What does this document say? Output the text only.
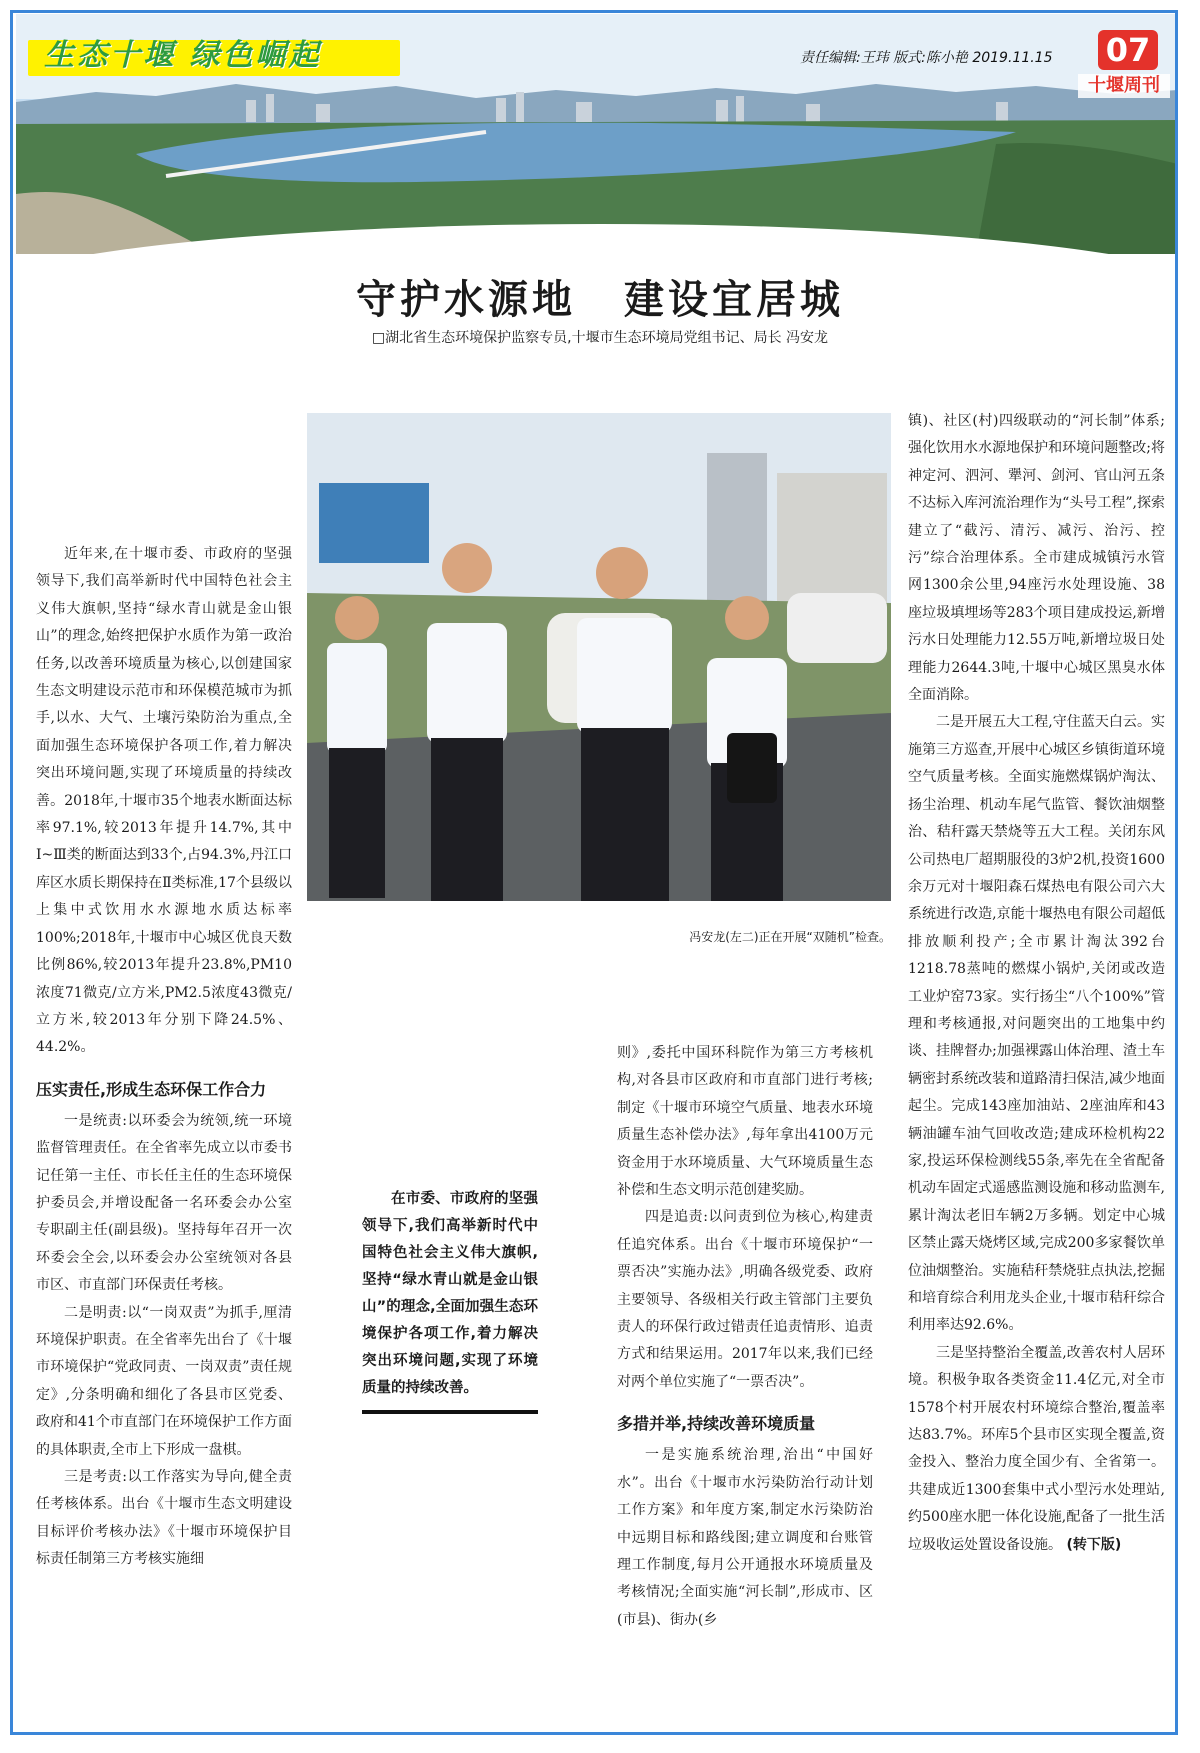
生态十堰 绿色崛起	责任编辑:王玮 版式:陈小艳 2019.11.15 07
十堰周刊
守护水源地 建设宜居城
□湖北省生态环境保护监察专员,十堰市生态环境局党组书记、局长 冯安龙

近年来,在十堰市委、市政府的坚强领导下,我们高举新时代中国特色社会主义伟大旗帜,坚持“绿水青山就是金山银山”的理念,始终把保护水质作为第一政治任务,以改善环境质量为核心,以创建国家生态文明建设示范市和环保模范城市为抓手,以水、大气、土壤污染防治为重点,全面加强生态环境保护各项工作,着力解决突出环境问题,实现了环境质量的持续改善。2018年,十堰市35个地表水断面达标率97.1%,较2013年提升14.7%,其中Ⅰ~Ⅲ类的断面达到33个,占94.3%,丹江口库区水质长期保持在Ⅱ类标准,17个县级以上集中式饮用水水源地水质达标率100%;2018年,十堰市中心城区优良天数比例86%,较2013年提升23.8%,PM10浓度71微克/立方米,PM2.5浓度43微克/立方米,较2013年分别下降24.5%、44.2%。

压实责任,形成生态环保工作合力

一是统责:以环委会为统领,统一环境监督管理责任。在全省率先成立以市委书记任第一主任、市长任主任的生态环境保护委员会,并增设配备一名环委会办公室专职副主任(副县级)。坚持每年召开一次环委会全会,以环委会办公室统领对各县市区、市直部门环保责任考核。

二是明责:以“一岗双责”为抓手,厘清环境保护职责。在全省率先出台了《十堰市环境保护“党政同责、一岗双责”责任规定》,分条明确和细化了各县市区党委、政府和41个市直部门在环境保护工作方面的具体职责,全市上下形成一盘棋。

三是考责:以工作落实为导向,健全责任考核体系。出台《十堰市生态文明建设目标评价考核办法》《十堰市环境保护目标责任制第三方考核实施细

冯安龙(左二)正在开展“双随机”检查。
在市委、市政府的坚强领导下,我们高举新时代中国特色社会主义伟大旗帜,坚持“绿水青山就是金山银山”的理念,全面加强生态环境保护各项工作,着力解决突出环境问题,实现了环境质量的持续改善。

则》,委托中国环科院作为第三方考核机构,对各县市区政府和市直部门进行考核;制定《十堰市环境空气质量、地表水环境质量生态补偿办法》,每年拿出4100万元资金用于水环境质量、大气环境质量生态补偿和生态文明示范创建奖励。

四是追责:以问责到位为核心,构建责任追究体系。出台《十堰市环境保护“一票否决”实施办法》,明确各级党委、政府主要领导、各级相关行政主管部门主要负责人的环保行政过错责任追责情形、追责方式和结果运用。2017年以来,我们已经对两个单位实施了“一票否决”。

多措并举,持续改善环境质量

一是实施系统治理,治出“中国好水”。出台《十堰市水污染防治行动计划工作方案》和年度方案,制定水污染防治中远期目标和路线图;建立调度和台账管理工作制度,每月公开通报水环境质量及考核情况;全面实施“河长制”,形成市、区(市县)、街办(乡

镇)、社区(村)四级联动的“河长制”体系;强化饮用水水源地保护和环境问题整改;将神定河、泗河、犟河、剑河、官山河五条不达标入库河流治理作为“头号工程”,探索建立了“截污、清污、减污、治污、控污”综合治理体系。全市建成城镇污水管网1300余公里,94座污水处理设施、38座垃圾填埋场等283个项目建成投运,新增污水日处理能力12.55万吨,新增垃圾日处理能力2644.3吨,十堰中心城区黑臭水体全面消除。

二是开展五大工程,守住蓝天白云。实施第三方巡查,开展中心城区乡镇街道环境空气质量考核。全面实施燃煤锅炉淘汰、扬尘治理、机动车尾气监管、餐饮油烟整治、秸秆露天禁烧等五大工程。关闭东风公司热电厂超期服役的3炉2机,投资1600余万元对十堰阳森石煤热电有限公司六大系统进行改造,京能十堰热电有限公司超低排放顺利投产;全市累计淘汰392台1218.78蒸吨的燃煤小锅炉,关闭或改造工业炉窑73家。实行扬尘“八个100%”管理和考核通报,对问题突出的工地集中约谈、挂牌督办;加强裸露山体治理、渣土车辆密封系统改装和道路清扫保洁,减少地面起尘。完成143座加油站、2座油库和43辆油罐车油气回收改造;建成环检机构22家,投运环保检测线55条,率先在全省配备机动车固定式遥感监测设施和移动监测车,累计淘汰老旧车辆2万多辆。划定中心城区禁止露天烧烤区域,完成200多家餐饮单位油烟整治。实施秸秆禁烧驻点执法,挖掘和培育综合利用龙头企业,十堰市秸秆综合利用率达92.6%。

三是坚持整治全覆盖,改善农村人居环境。积极争取各类资金11.4亿元,对全市1578个村开展农村环境综合整治,覆盖率达83.7%。环库5个县市区实现全覆盖,资金投入、整治力度全国少有、全省第一。共建成近1300套集中式小型污水处理站,约500座水肥一体化设施,配备了一批生活垃圾收运处置设备设施。 (转下版)
